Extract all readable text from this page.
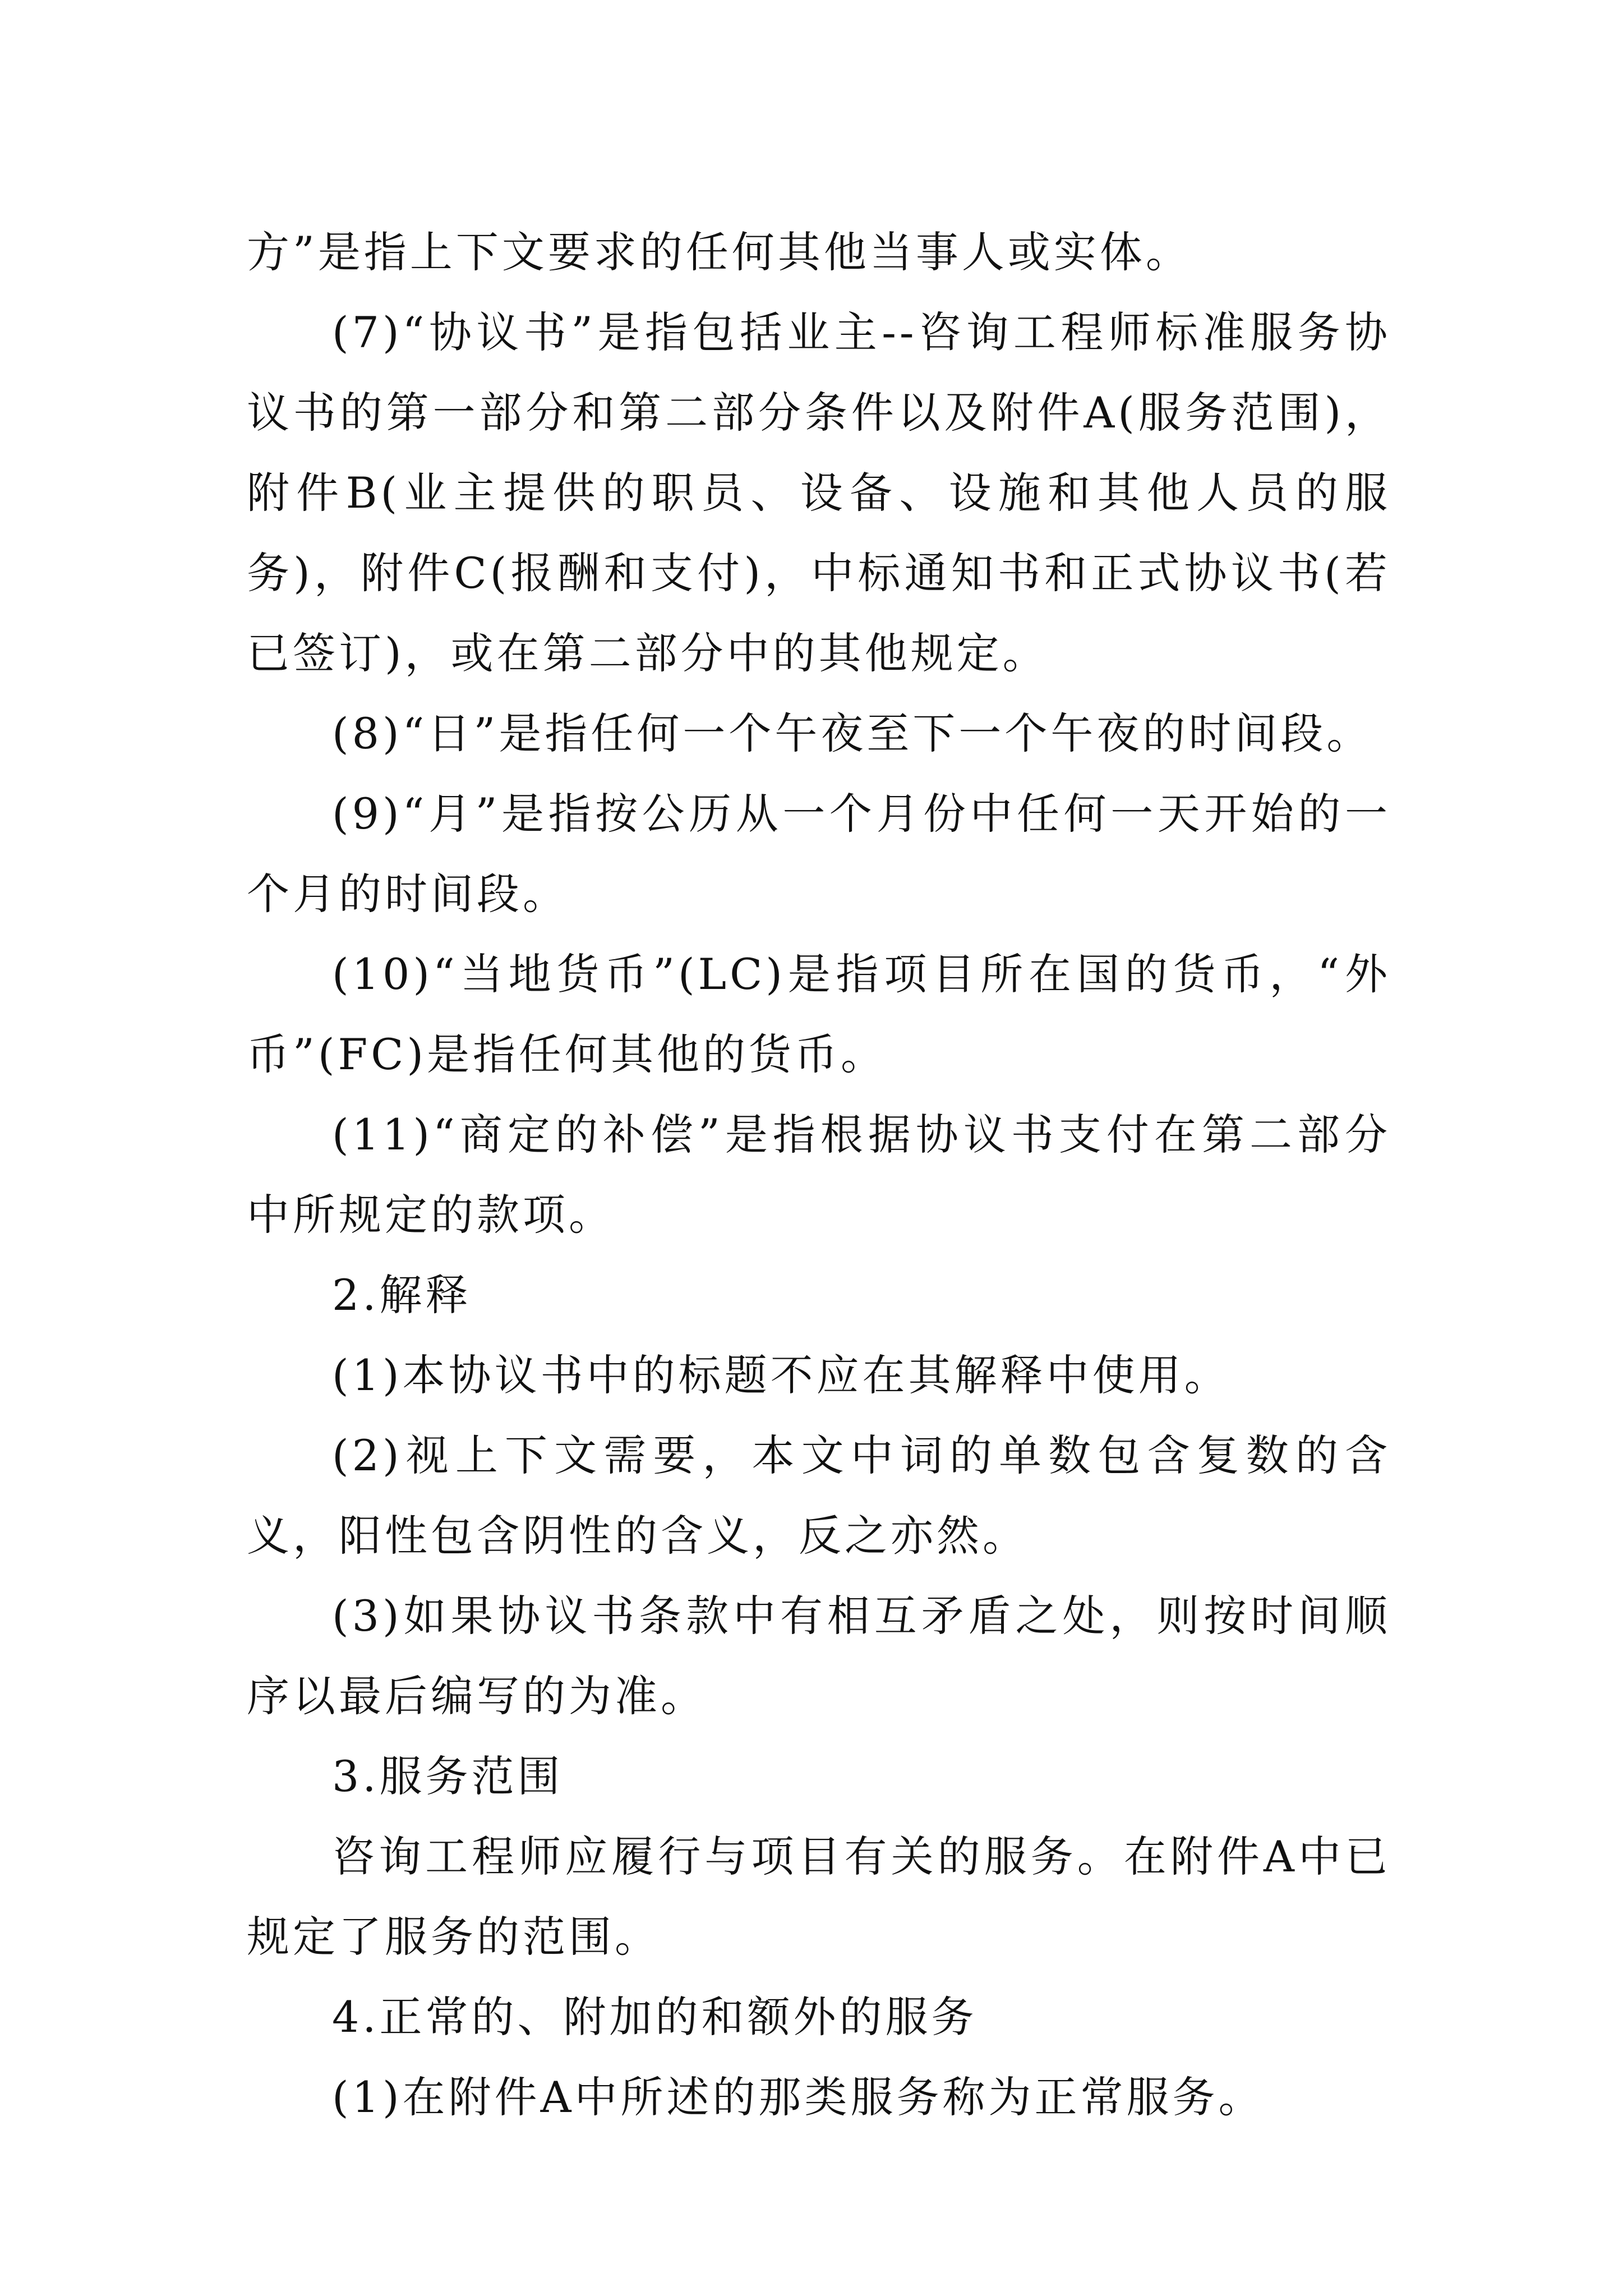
方”是指上下文要求的任何其他当事人或实体。

(7)“协议书”是指包括业主--咨询工程师标准服务协议书的第一部分和第二部分条件以及附件A(服务范围)，附件B(业主提供的职员、设备、设施和其他人员的服务)，附件C(报酬和支付)，中标通知书和正式协议书(若已签订)，或在第二部分中的其他规定。

(8)“日”是指任何一个午夜至下一个午夜的时间段。

(9)“月”是指按公历从一个月份中任何一天开始的一个月的时间段。

(10)“当地货币”(LC)是指项目所在国的货币，“外币”(FC)是指任何其他的货币。

(11)“商定的补偿”是指根据协议书支付在第二部分中所规定的款项。

2.解释

(1)本协议书中的标题不应在其解释中使用。

(2)视上下文需要，本文中词的单数包含复数的含义，阳性包含阴性的含义，反之亦然。

(3)如果协议书条款中有相互矛盾之处，则按时间顺序以最后编写的为准。

3.服务范围

咨询工程师应履行与项目有关的服务。在附件A中已规定了服务的范围。

4.正常的、附加的和额外的服务

(1)在附件A中所述的那类服务称为正常服务。
